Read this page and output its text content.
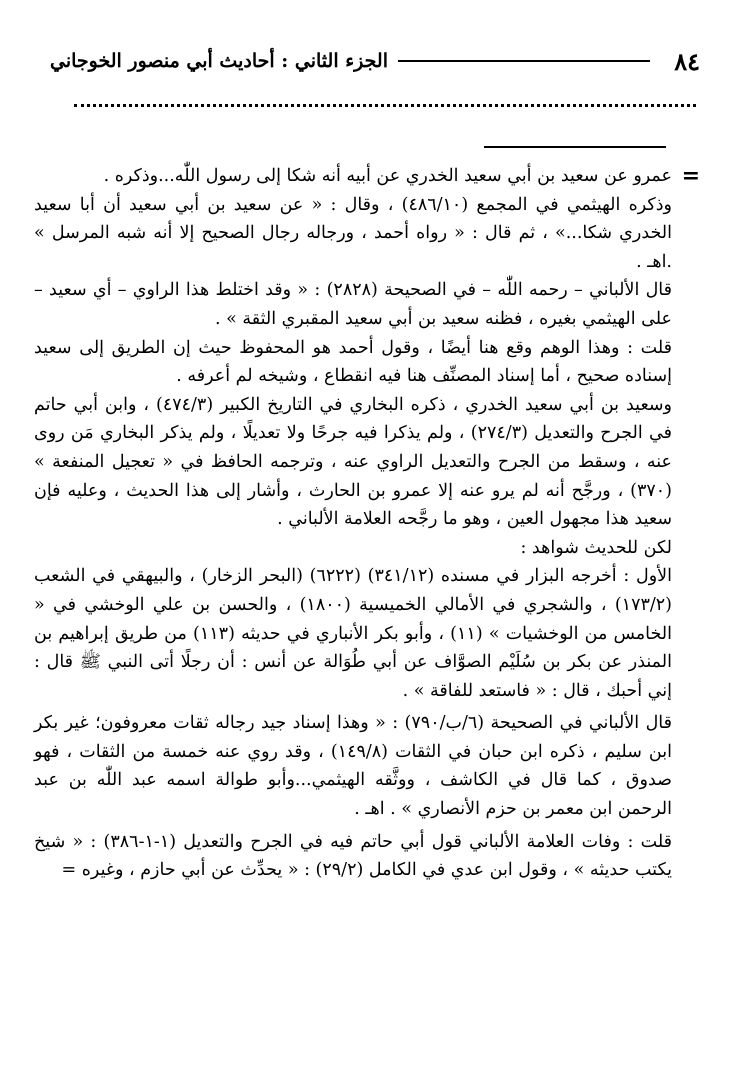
٨٤
الجزء الثاني : أحاديث أبي منصور الخوجاني
=

عمرو عن سعيد بن أبي سعيد الخدري عن أبيه أنه شكا إلى رسول اللّٰه...وذكره .

وذكره الهيثمي في المجمع (٤٨٦/١٠) ، وقال : « عن سعيد بن أبي سعيد أن أبا سعيد الخدري شكا...» ، ثم قال : « رواه أحمد ، ورجاله رجال الصحيح إلا أنه شبه المرسل » .اهـ .

قال الألباني – رحمه اللّٰه – في الصحيحة (٢٨٢٨) : « وقد اختلط هذا الراوي – أي سعيد – على الهيثمي بغيره ، فظنه سعيد بن أبي سعيد المقبري الثقة » .

قلت : وهذا الوهم وقع هنا أيضًا ، وقول أحمد هو المحفوظ حيث إن الطريق إلى سعيد إسناده صحيح ، أما إسناد المصنِّف هنا فيه انقطاع ، وشيخه لم أعرفه .

وسعيد بن أبي سعيد الخدري ، ذكره البخاري في التاريخ الكبير (٤٧٤/٣) ، وابن أبي حاتم في الجرح والتعديل (٢٧٤/٣) ، ولم يذكرا فيه جرحًا ولا تعديلًا ، ولم يذكر البخاري مَن روى عنه ، وسقط من الجرح والتعديل الراوي عنه ، وترجمه الحافظ في « تعجيل المنفعة » (٣٧٠) ، ورجَّح أنه لم يرو عنه إلا عمرو بن الحارث ، وأشار إلى هذا الحديث ، وعليه فإن سعيد هذا مجهول العين ، وهو ما رجَّحه العلامة الألباني .

لكن للحديث شواهد :

الأول : أخرجه البزار في مسنده (٣٤١/١٢) (٦٢٢٢) (البحر الزخار) ، والبيهقي في الشعب (١٧٣/٢) ، والشجري في الأمالي الخميسية (١٨٠٠) ، والحسن بن علي الوخشي في « الخامس من الوخشيات » (١١) ، وأبو بكر الأنباري في حديثه (١١٣) من طريق إبراهيم بن المنذر عن بكر بن سُلَيْم الصوَّاف عن أبي طُوَالة عن أنس : أن رجلًا أتى النبي ﷺ قال : إني أحبك ، قال : « فاستعد للفاقة » .

قال الألباني في الصحيحة (٦/ب/٧٩٠) : « وهذا إسناد جيد رجاله ثقات معروفون؛ غير بكر ابن سليم ، ذكره ابن حبان في الثقات (١٤٩/٨) ، وقد روي عنه خمسة من الثقات ، فهو صدوق ، كما قال في الكاشف ، ووثَّقه الهيثمي...وأبو طوالة اسمه عبد اللّٰه بن عبد الرحمن ابن معمر بن حزم الأنصاري » . اهـ .

قلت : وفات العلامة الألباني قول أبي حاتم فيه في الجرح والتعديل (١-١-٣٨٦) : « شيخ يكتب حديثه » ، وقول ابن عدي في الكامل (٢٩/٢) : « يحدِّث عن أبي حازم ، وغيره =
